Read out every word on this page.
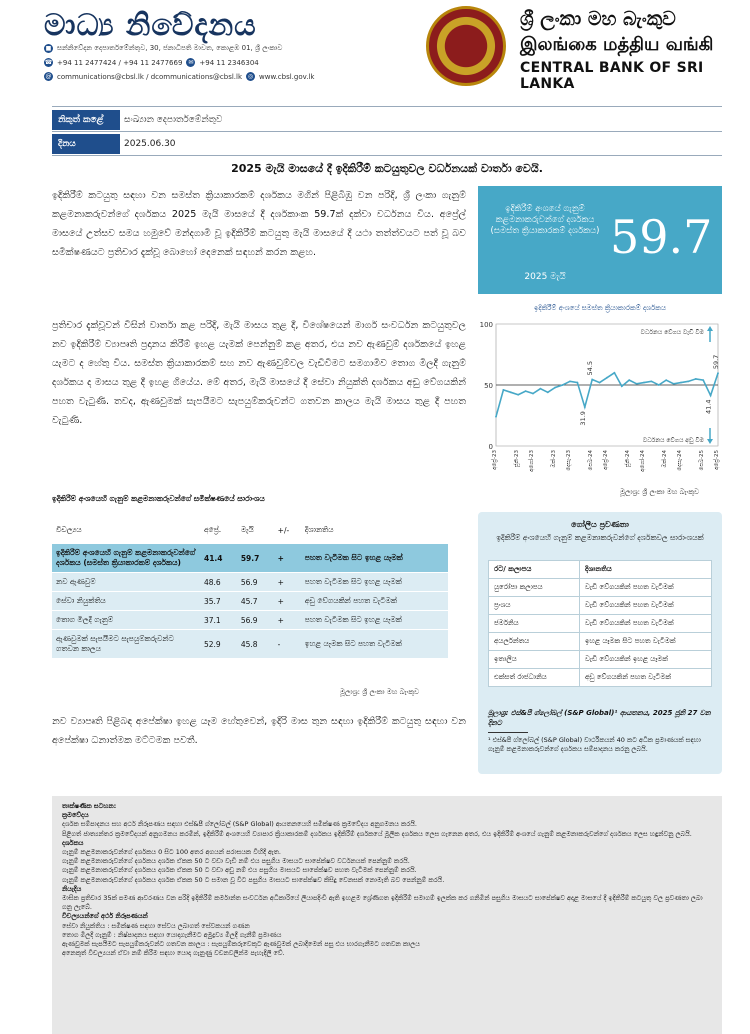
මාධ්‍ය නිවේදනය
■ සන්නිවේදන දෙපාර්තමේන්තුව, 30, ජනාධිපති මාවත, කොළඹ 01, ශ්‍රී ලංකාව
☎ +94 11 2477424 / +94 11 2477669 ✉ +94 11 2346304
@ communications@cbsl.lk / dcommunications@cbsl.lk ◎ www.cbsl.gov.lk
ශ්‍රී ලංකා මහ බැංකුව
இலங்கை மத்திய வங்கி
CENTRAL BANK OF SRI LANKA
නිකුත් කළේ	සංඛ්‍යාන දෙපාර්තමේන්තුව
දිනය	2025.06.30
2025 මැයි මාසයේ දී ඉදිකිරීම් කටයුතුවල වර්ධනයක් වාර්තා වෙයි.
ඉදිකිරීම් කටයුතු සඳහා වන සමස්ත ක්‍රියාකාරකම් දර්ශකය මගින් පිළිබිඹු වන පරිදි, ශ්‍රී ලංකා ගැනුම් කළමනාකරුවන්ගේ දර්ශකය 2025 මැයි මාසයේ දී දර්ශකාංක 59.7ක් දක්වා වර්ධනය විය. අප්‍රේල් මාසයේ උත්සව සමය හමුවේ මන්දගාමී වූ ඉදිකිරීම් කටයුතු මැයි මාසයේ දී යථා තත්ත්වයට පත් වූ බව සමීක්ෂණයට ප්‍රතිචාර දැක්වූ බොහෝ දෙනෙක් සඳහන් කරන කළහ.
ප්‍රතිචාර දැක්වූවන් විසින් වාර්තා කළ පරිදි, මැයි මාසය තුළ දී, විශේෂයෙන් මාර්ග සංවර්ධන කටයුතුවල නව ඉදිකිරීම් ව්‍යාපෘති ප්‍රදානය කිරීම් ඉහළ යැමක් පෙන්නුම් කළ අතර, එය නව ඇණවුම් දර්ශකයේ ඉහළ යැමට ද හේතු විය. සමස්ත ක්‍රියාකාරකම් සහ නව ඇණවුම්වල වැඩිවීමට සමගාමීව තොග මිලදී ගැනුම් දර්ශකය ද මාසය තුළ දී ඉහළ ගියේය. මේ අතර, මැයි මාසයේ දී සේවා නියුක්ති දර්ශකය අඩු වේගයකින් පහත වැටුණි. තවද, ඇණවුමක් සැපයීමට සැපයුම්කරුවන්ට ගතවන කාලය මැයි මාසය තුළ දී පහත වැටුණි.
නව ව්‍යාපෘති පිළිබඳ අපේක්ෂා ඉහළ යෑම හේතුවෙන්, ඉදිරි මාස තුන සඳහා ඉදිකිරීම් කටයුතු සඳහා වන අපේක්ෂා ධනාත්මක මට්ටමක පවතී.
ඉදිකිරීම් අංශයේ ගැනුම් කළමනාකරුවන්ගේ දර්ශකය (සමස්ත ක්‍රියාකාරකම් දර්ශකය)
2025 මැයි
59.7
ඉදිකිරීම් අංශයේ සමස්ත ක්‍රියාකාරකම් දර්ශකය
0
50
100
31.9
54.5
41.4
59.7
වර්ධනය වේගය වැඩි වීම
වර්ධනය වේගය අඩු වීම
අප්‍රේ-23	ජූනි-23 අගෝ-23	ඔක්-23 දෙසැ-23	පෙබ-24 අප්‍රේ-24	ජූනි-24 අගෝ-24	ඔක්-24 දෙසැ-24	පෙබ-25 අප්‍රේ-25
මූලාශ්‍ර: ශ්‍රී ලංකා මහ බැංකුව
ඉදිකිරීම් අංශයෙහි ගැනුම් කළමනාකරුවන්ගේ සමීක්ෂණයේ සාරාංශය
විචල්‍යය	අප්‍රේ.	මැයි	+/-	දිශානතිය
ඉදිකිරීම් අංශයෙහි ගැනුම් කළමනාකරුවන්ගේ දර්ශකය (සමස්ත ක්‍රියාකාරකම් දර්ශකය)	41.4	59.7	+	පහත වැටීමක සිට ඉහළ යෑමක්
නව ඇණවුම්	48.6	56.9	+	පහත වැටීමක සිට ඉහළ යෑමක්
සේවා නියුක්තිය	35.7	45.7	+	අඩු වේගයකින් පහත වැටීමක්
තොග මිලදී ගැනුම්	37.1	56.9	+	පහත වැටීමක සිට ඉහළ යෑමක්
ඇණවුමක් සැපයීමට සැපයුම්කරුවන්ට ගතවන කාලය	52.9	45.8	-	ඉහළ යෑමක සිට පහත වැටීමක්
මූලාශ්‍ර: ශ්‍රී ලංකා මහ බැංකුව
ගෝලීය ප්‍රවණතා
ඉදිකිරීම් අංශයෙහි ගැනුම් කළමනාකරුවන්ගේ දර්ශකවල සාරාංශයක්
රට/ කලාපය	දිශානතිය
යුරෝපා කලාපය	වැඩි වේගයකින් පහත වැටීමක්
ප්‍රංශය	වැඩි වේගයකින් පහත වැටීමක්
ජර්මනිය	වැඩි වේගයකින් පහත වැටීමක්
අයර්ලන්තය	ඉහළ යෑමක සිට පහත වැටීමක්
ඉතාලිය	වැඩි වේගයකින් ඉහළ යෑමක්
එක්සත් රාජධානිය	අඩු වේගයකින් පහත වැටීමක්
මූලාශ්‍ර: එස්&පී ග්ලෝබල් (S&P Global)¹ ආයතනය, 2025 ජූනි 27 වන දිනට
¹ එස්&පී ග්ලෝබල් (S&P Global) වාර්ථිකයන් 40 කට අධික ප්‍රමාණයක් සඳහා ගැනුම් කළමනාකරුවන්ගේ දර්ශකය සම්පාදනය කරනු ලබයි.
තාක්ෂණික සටහන:
ක්‍රමවේදය
දර්ශක සම්පාදනය සහ අර්ථ නිරූපණය සඳහා එස්&පී ග්ලෝබල් (S&P Global) ආයතනයෙහි සමීක්ෂණ ක්‍රමවේදය අනුගමනය කරයි.
පිළිගත් ජාත්‍යන්තර ක්‍රමවේදයන් අනුගමනය කරමින්, ඉදිකිරීම් අංශයෙහි ව්‍යාපාර ක්‍රියාකාරකම් දර්ශකය ඉදිකිරීම් දර්ශකයේ මූලික දර්ශකය ලෙස ගැනෙන අතර, එය ඉදිකිරීම් අංශයේ ගැනුම් කළමනාකරුවන්ගේ දර්ශකය ලෙස හඳුන්වනු ලබයි.
දර්ශකය
ගැනුම් කළමනාකරුවන්ගේ දර්ශකය 0 සිට 100 අතර අගයන් පරාසයක විහිදී ඇත.
ගැනුම් කළමනාකරුවන්ගේ දර්ශකය දර්ශක ඒකක 50 ට වඩා වැඩි නම් එය පසුගිය මාසයට සාපේක්ෂව වර්ධනයක් පෙන්නුම් කරයි.
ගැනුම් කළමනාකරුවන්ගේ දර්ශකය දර්ශක ඒකක 50 ට වඩා අඩු නම් එය පසුගිය මාසයට සාපේක්ෂව පහත වැටීමක් පෙන්නුම් කරයි.
ගැනුම් කළමනාකරුවන්ගේ දර්ශකය දර්ශක ඒකක 50 ට සමාන වූ විට පසුගිය මාසයට සාපේක්ෂව කිසිදු වෙනසක් නොමැති බව පෙන්නුම් කරයි.
නියැදිය
මාසික ප්‍රතිචාර 35ක් පමණ ආවරණය වන පරිදි ඉදිකිරීම් කර්මාන්ත සංවර්ධන අධිකාරියේ ලියාපදිංචි ඇති ඉහළම ශ්‍රේණිගත ඉදිකිරීම් සමාගම් ඉලක්ක කර ගනිමින් පසුගිය මාසයට සාපේක්ෂව අදාළ මාසයේ දී ඉදිකිරීම් කටයුතු වල ප්‍රවණතා ලබා ගනු ලැබේ.
විචල්‍යයන්ගේ අර්ථ නිරූපණයන්
සේවා නියුක්තිය : සමීක්ෂණ සඳහා සේවය ලබාගත් සේවකයන් ගණන
තොග මිලදී ගැනුම් : නිෂ්පාදනය සඳහා යොදාගැනීමට අමුද්‍රව්‍ය මිලදී ගැනීම් ප්‍රමාණය
ඇණවුමක් සැපයීමට සැපයුම්කරුවන්ට ගතවන කාලය : සැපයුම්කරුවෙකුට ඇණවුමක් ලබාදීමෙන් පසු එය භාරගැනීමට ගතවන කාලය
අනෙකුත් විචල්‍යයන් ඒවා නම් කිරීම සඳහා යොදා ගැනුණු වචනවලින්ම පැහැදිලි වේ.
